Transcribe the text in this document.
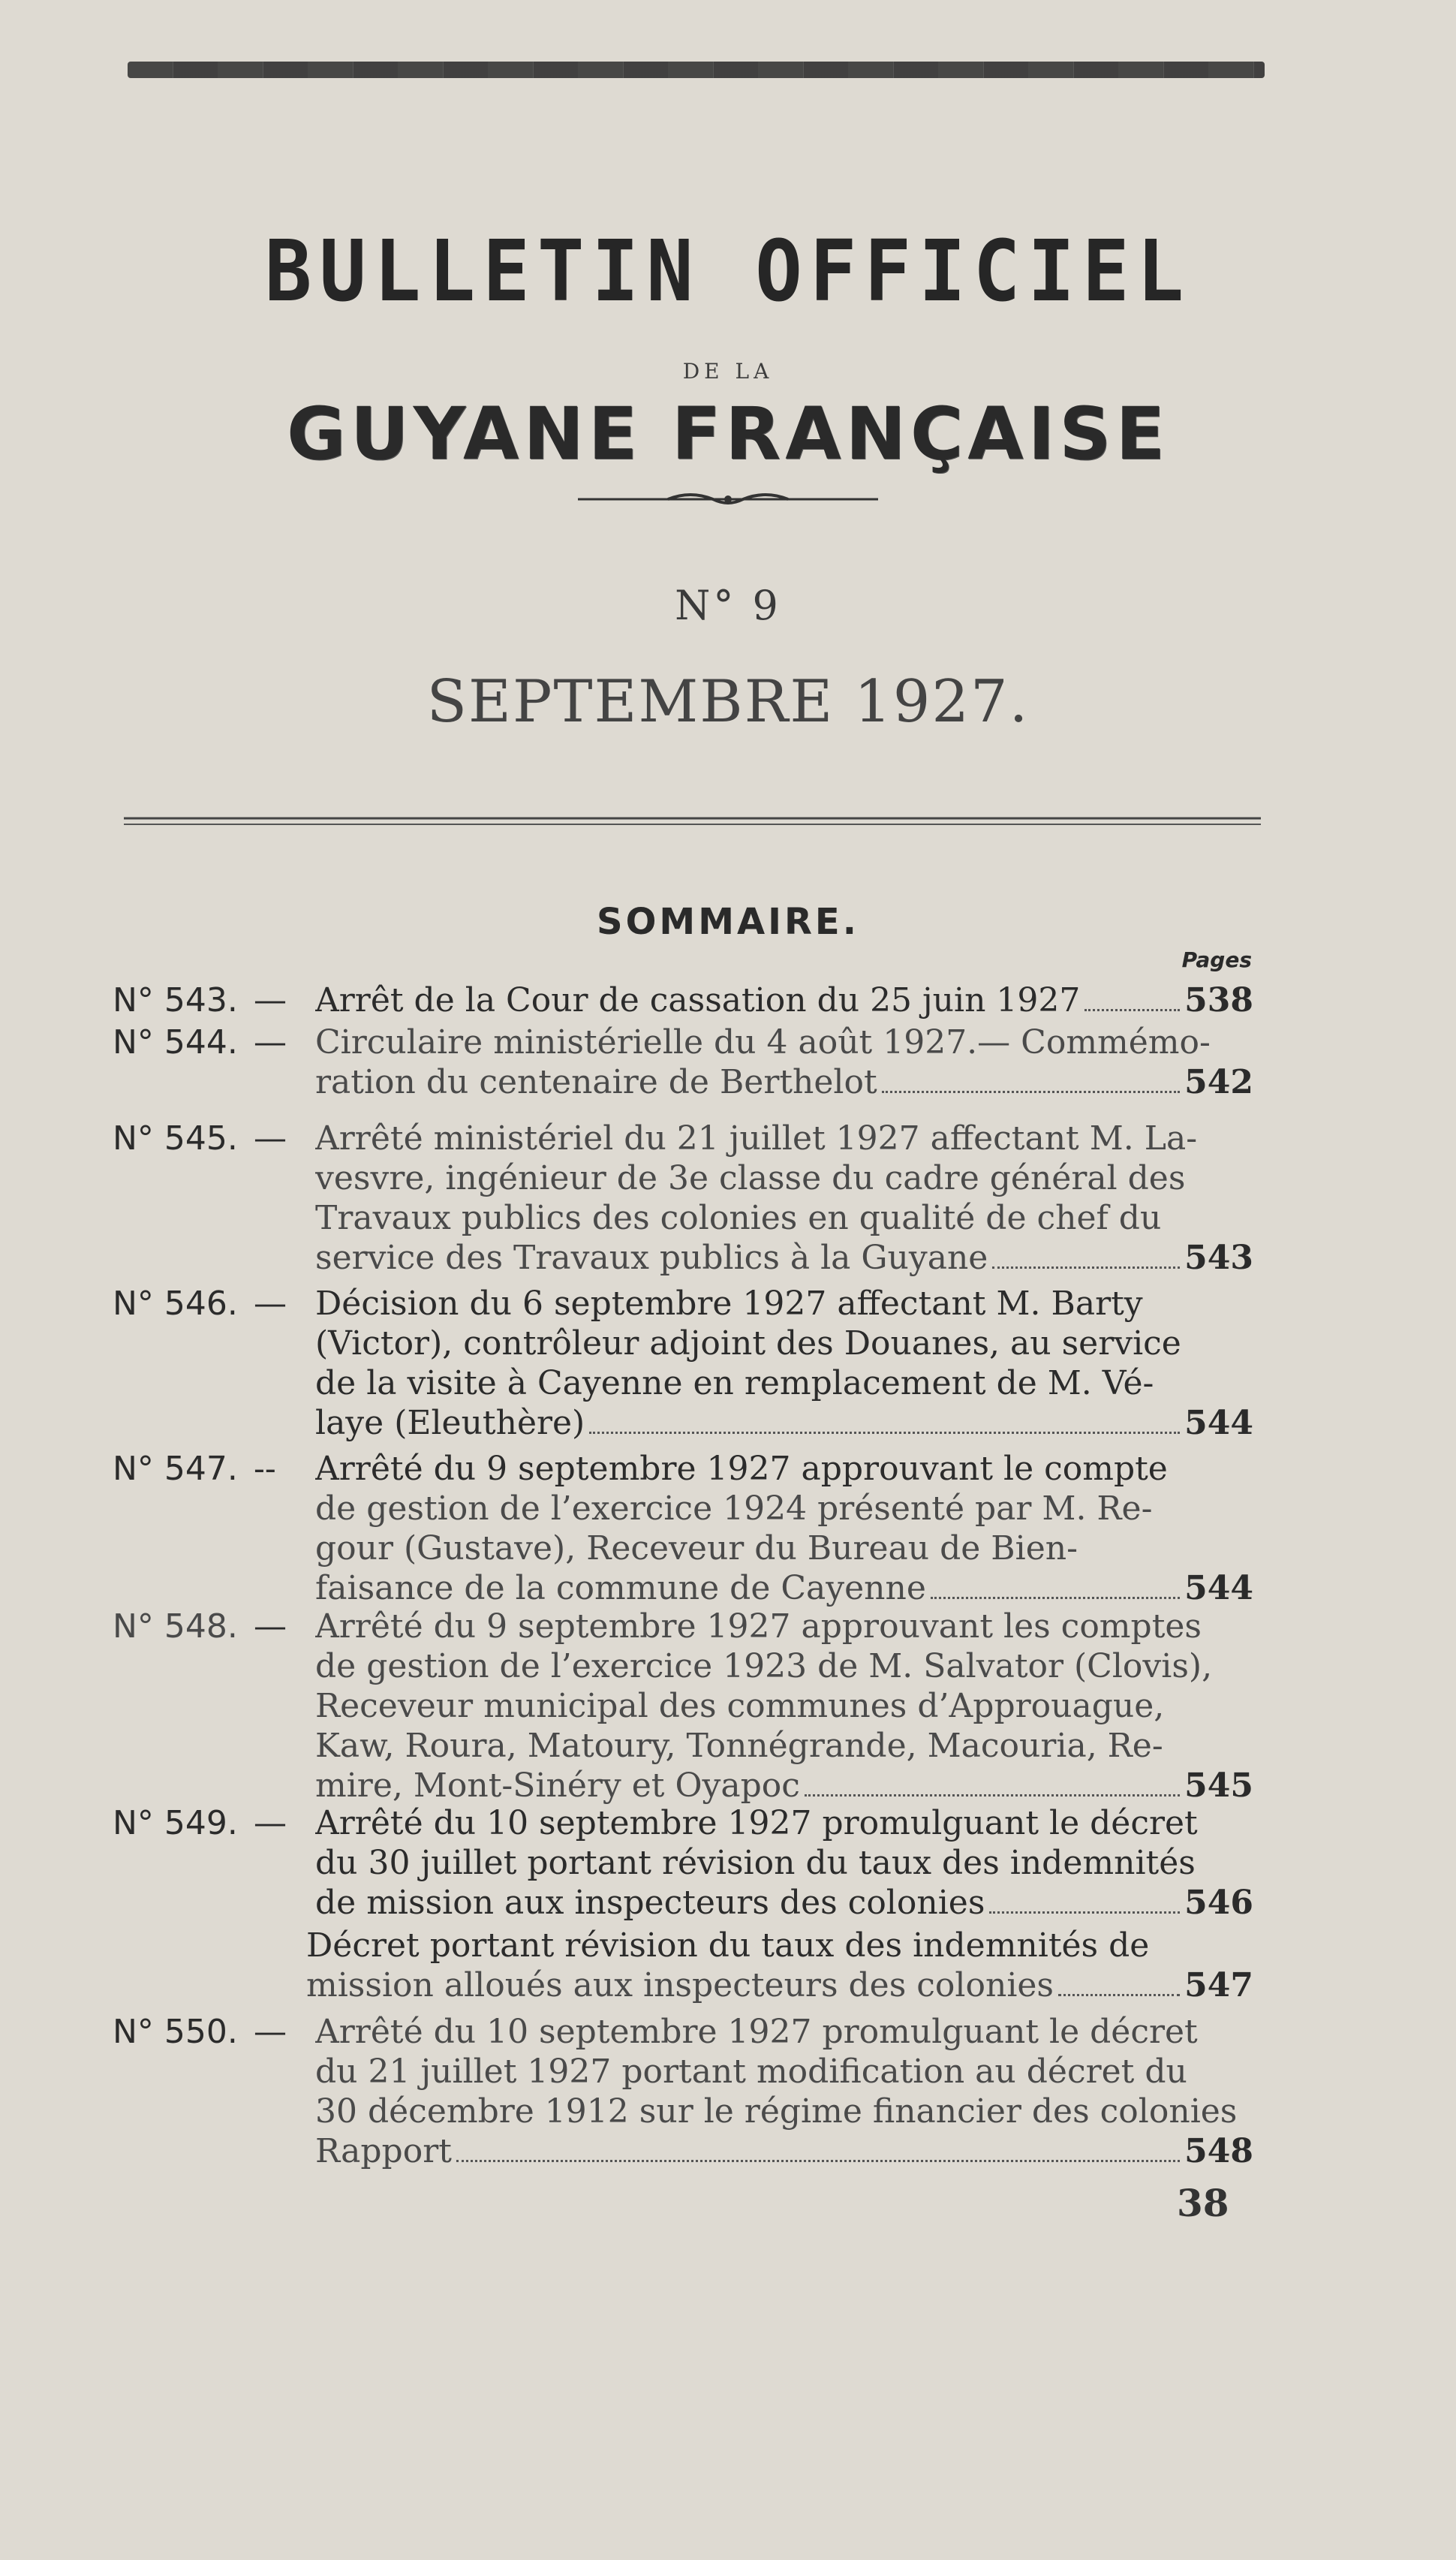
BULLETIN OFFICIEL
DE LA
GUYANE FRANÇAISE
N° 9
SEPTEMBRE 1927.
SOMMAIRE.
Pages
N° 543. — Arrêt de la Cour de cassation du 25 juin 1927	538
N° 544. — Circulaire ministérielle du 4 août 1927.— Commémo-
ration du centenaire de Berthelot	542
N° 545. — Arrêté ministériel du 21 juillet 1927 affectant M. La-
vesvre, ingénieur de 3e classe du cadre général des
Travaux publics des colonies en qualité de chef du
service des Travaux publics à la Guyane	543
N° 546. — Décision du 6 septembre 1927 affectant M. Barty
(Victor), contrôleur adjoint des Douanes, au service
de la visite à Cayenne en remplacement de M. Vé-
laye (Eleuthère)	544
N° 547. -- Arrêté du 9 septembre 1927 approuvant le compte
de gestion de l’exercice 1924 présenté par M. Re-
gour (Gustave), Receveur du Bureau de Bien-
faisance de la commune de Cayenne	544
N° 548. — Arrêté du 9 septembre 1927 approuvant les comptes
de gestion de l’exercice 1923 de M. Salvator (Clovis),
Receveur municipal des communes d’Approuague,
Kaw, Roura, Matoury, Tonnégrande, Macouria, Re-
mire, Mont-Sinéry et Oyapoc	545
N° 549. — Arrêté du 10 septembre 1927 promulguant le décret
du 30 juillet portant révision du taux des indemnités
de mission aux inspecteurs des colonies	546
Décret portant révision du taux des indemnités de
mission alloués aux inspecteurs des colonies	547
N° 550. — Arrêté du 10 septembre 1927 promulguant le décret
du 21 juillet 1927 portant modification au décret du
30 décembre 1912 sur le régime financier des colonies
Rapport	548
38
